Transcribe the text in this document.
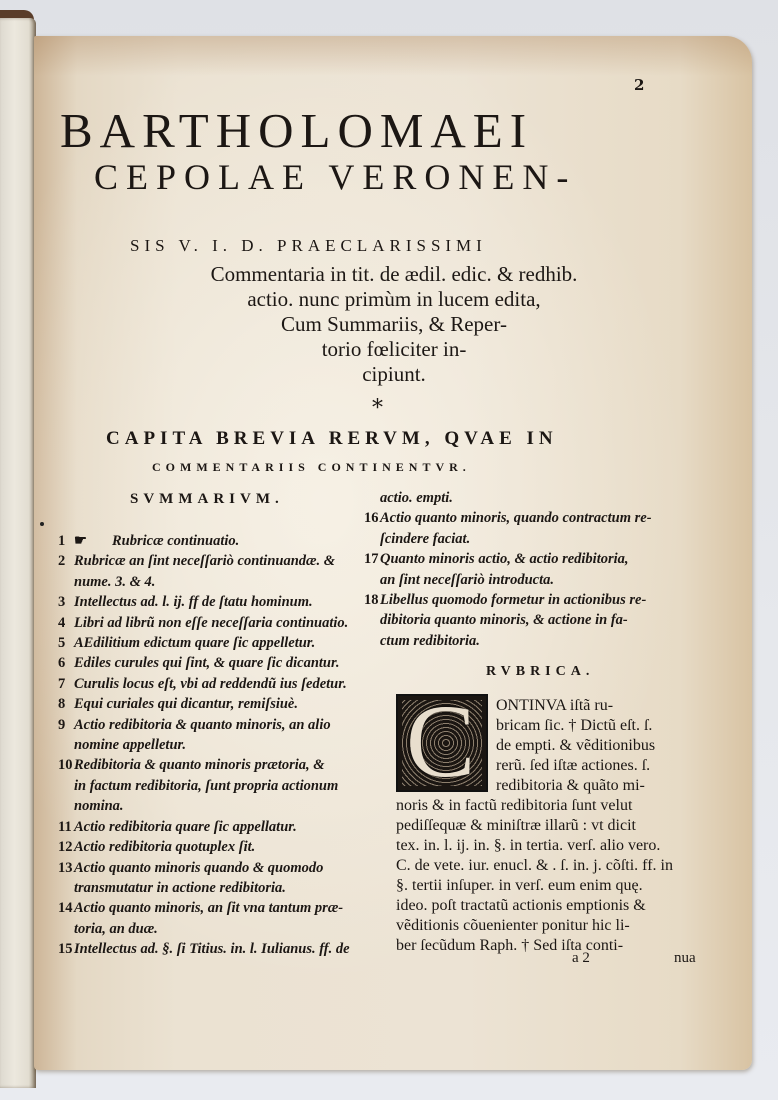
2
BARTHOLOMAEI
CEPOLAE VERONEN-
SIS V. I. D. PRAECLARISSIMI
Commentaria in tit. de ædil. edic. & redhib.
actio. nunc primùm in lucem edita,
Cum Summariis, & Reper-
torio fœliciter in-
cipiunt.
*
CAPITA BREVIA RERVM, QVAE IN
COMMENTARIIS CONTINENTVR.
SVMMARIVM.
1 ☛ Rubricæ continuatio.
2 Rubricæ an ſint neceſſariò continuandæ. &
nume. 3. & 4.
3 Intellectus ad. l. ij. ff de ſtatu hominum.
4 Libri ad librũ non eſſe neceſſaria continuatio.
5 AEdilitium edictum quare ſic appelletur.
6 Ediles curules qui ſint, & quare ſic dicantur.
7 Curulis locus eſt, vbi ad reddendũ ius ſedetur.
8 Equi curiales qui dicantur, remiſsiuè.
9 Actio redibitoria & quanto minoris, an alio
nomine appelletur.
10 Redibitoria & quanto minoris prætoria, &
in factum redibitoria, ſunt propria actionum
nomina.
11 Actio redibitoria quare ſic appellatur.
12 Actio redibitoria quotuplex ſit.
13 Actio quanto minoris quando & quomodo
transmutatur in actione redibitoria.
14 Actio quanto minoris, an ſit vna tantum præ-
toria, an duæ.
15 Intellectus ad. §. ſi Titius. in. l. Iulianus. ff. de
actio. empti.
16 Actio quanto minoris, quando contractum re-
ſcindere faciat.
17 Quanto minoris actio, & actio redibitoria,
an ſint neceſſariò introducta.
18 Libellus quomodo formetur in actionibus re-
dibitoria quanto minoris, & actione in fa-
ctum redibitoria.
RVBRICA.
C ONTINVA iſtã ru-
bricam ſic. † Dictũ eſt. ſ.
de empti. & vẽditionibus
rerũ. ſed iſtæ actiones. ſ.
redibitoria & quãto mi-
noris & in factũ redibitoria ſunt velut
pediſſequæ & miniſtræ illarũ : vt dicit
tex. in. l. ij. in. §. in tertia. verſ. alio vero.
C. de vete. iur. enucl. & . ſ. in. j. cõſti. ff. in
§. tertii inſuper. in verſ. eum enim quę.
ideo. poſt tractatũ actionis emptionis &
vẽditionis cõuenienter ponitur hic li-
ber ſecũdum Raph. † Sed iſta conti-
a 2	nua
